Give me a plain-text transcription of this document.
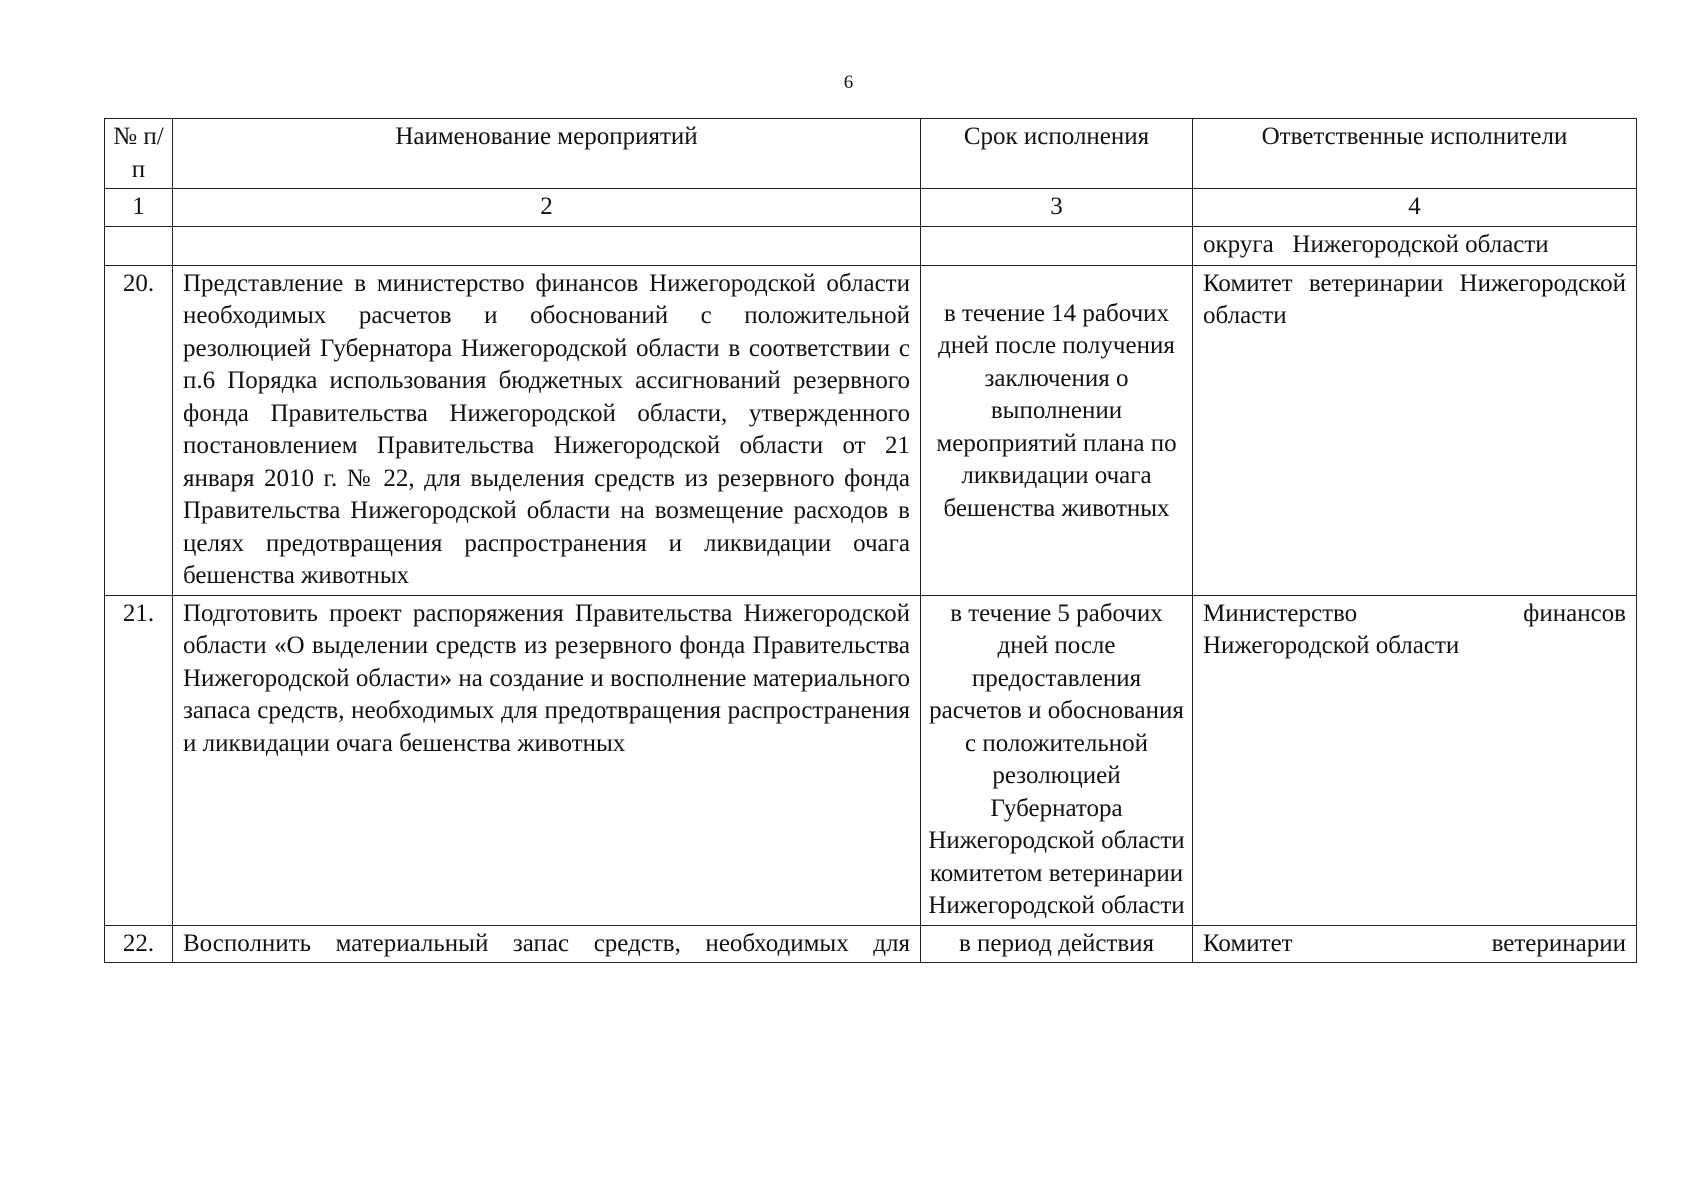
6
№ п/п	Наименование мероприятий	Срок исполнения	Ответственные исполнители
1	2	3	4
			округа   Нижегородской области
20.	Представление в министерство финансов Нижегородской области необходимых расчетов и обоснований с положительной резолюцией Губернатора Нижегородской области в соответствии с п.6 Порядка использования бюджетных ассигнований резервного фонда Правительства Нижегородской области, утвержденного постановлением Правительства Нижегородской области от 21 января 2010 г. № 22, для выделения средств из резервного фонда Правительства Нижегородской области на возмещение расходов в целях предотвращения распространения и ликвидации очага бешенства животных	в течение 14 рабочих дней после получения заключения о выполнении мероприятий плана по ликвидации очага бешенства животных	Комитет ветеринарии Нижегородской области
21.	Подготовить проект распоряжения Правительства Нижегородской области «О выделении средств из резервного фонда Правительства Нижегородской области» на создание и восполнение материального запаса средств, необходимых для предотвращения распространения и ликвидации очага бешенства животных	в течение 5 рабочих дней после предоставления расчетов и обоснования с положительной резолюцией Губернатора Нижегородской области комитетом ветеринарии Нижегородской области	Министерство финансов Нижегородской области
22.	Восполнить материальный запас средств, необходимых для	в период действия	Комитет ветеринарии
